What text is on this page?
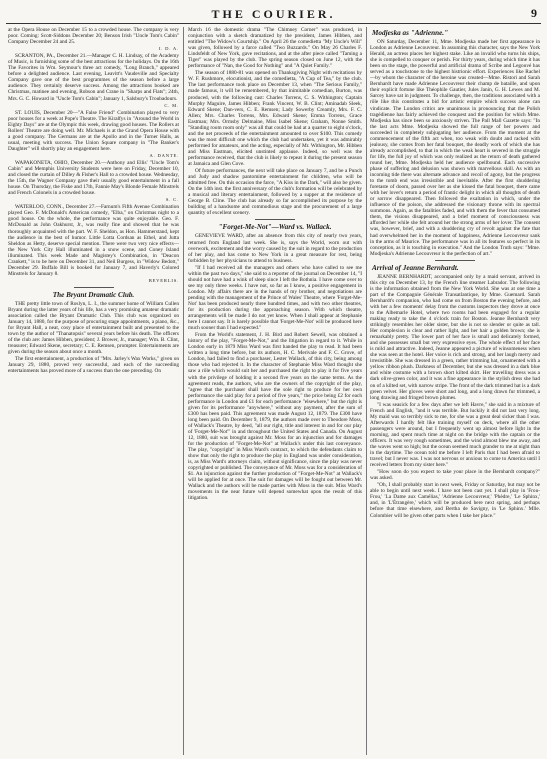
THE COURIER.	9

at the Opera House on December 15 to a crowded house. The company is very poor. Coming: Scott-Siddons December 20; Benson Irish "Uncle Tom's Cabin" Company December 24 and 25.

I. D. A.

SCRANTON, PA., December 21.—Manager C. H. Lindsay, of the Academy of Music, is furnishing some of the best attractions for the holidays. On the 16th The Favorites in Wm. Seymour's three act comedy, "Long Branch," appeared before a delighted audience. Last evening, Leavitt's Vaudeville and Specialty Company gave one of the best programmes of the season before a large audience. They certainly deserve success. Among the attractions booked are Christmas, matinee and evening, Robson and Crane in "Sharps and Flats"; 24th, Mrs. G. C. Howard in "Uncle Tom's Cabin"; January 1, Salsbury's Troubadours.

C. M.

ST. LOUIS, December 20—"A False Friend" Combination played to very poor houses for a week at Pope's Theatre. The Kiralfys in "Around the World in Eighty Days" are at the Olympic this week, drawing good houses. The Rollers at Rollers' Theatre are doing well. Mr. Michaels is at the Grand Opera House with a good company. The Germans are at the Apollo and in the Turner Halls, as usual, meeting with success. The Union Square company in "The Banker's Daughter" will shortly play an engagement here.

A. DANTE.

WAPAKONETA, OHIO, December 20.—Anthony and Ellis' "Uncle Tom's Cabin" and Memphis University Students were here on Friday, December 10, and closed the curtain of Dilley & Fisher's Hall to a crowded house. Wednesday, the 15th, the Wagner Company gave their usually good entertainment in a fall house. On Thursday, the Fiske and 17th, Fannie May's Blonde Female Minstrels and French Colonels in a crowded house.

S. C.

WATERLOO, CONN., December 27.—Farnum's Fifth Avenue Combination played Geo. F. McDonald's American comedy, "Elba," on Christmas night to a good house. On the whole, the performance was quite enjoyable. Geo. F. McDonald as John Oakhurst, Jr., was really fine and showed that he was thoroughly acquainted with the part. W. F. Sheldon, as Hon. Hammerstand, kept the audience in the best of humor. Little Lotta Cordsan as Ethel, and Jutta Sheldon as Hetty, deserve special mention. There were two very nice effects—the New York City Hall illuminated in a snow scene, and Coney Island illuminated. This week Made and Magistey's Combination, in "Deacon Crankett," is to be here on December 31, and Neil Burgess, in "Widow Bedott," December 29. Buffalo Bill is booked for January 7, and Haverly's Colored Minstrels for January 8.

BEVERLIS.

The Bryant Dramatic Club.

THE pretty little town of Roslyn, L. I., the summer home of William Cullen Bryant during the latter years of his life, has a very promising amateur dramatic association called the Bryant Dramatic Club. This club was organized on January 14, 1880, for the purpose of procuring stage appointments, a piano, &c., for Bryant Hall, a neat, cosy place of entertainment built and presented to the town by the author of "Thanatopsis" several years before his death. The officers of the club are: James Hibben, president; J. Brower, Jr., manager; Wm. B. Clint, treasurer; Edward Skene, secretary; C. E. Remsen, prompter. Entertainments are given during the season about once a month.

The first entertainment, a production of "Mrs. Jarley's Wax Works," given on January 29, 1880, proved very successful, and each of the succeeding entertainments has proved more of a success than the one preceding. On

March 16 the domestic drama "The Chimney Corner" was produced, in conjunction with a sketch dramatized by the president, James Hibben, and entitled "The Widow's Courtship." On April 26 the comedietta "My Uncle's Will" was given, followed by a farce called "Two Buzzards." On May 26 Charles F. Lindsfeldt of New York, gave recitations, and at the after piece called "Taming a Tiger" was played by the club. The spring season closed on June 12, with the performance of "Nan, the Good for Nothing" and "A Quiet Family."

The season of 1880-81 was opened on Thanksgiving Night with recitations by W. F. Rushmore, elocutionist, and the comedietta, "A Cup of Tea," by the club. The last performance took place on December 13, when "The Serious Family," made famous, it will be remembered, by that inimitable comedian, Burton, was produced, with the following cast: Charles Torrens, C. S. Withington; Captain Murphy Maguire, James Hibben; Frank Vincent, W. B. Clint; Aminadab Sleek, Edward Skene; Dan-vers, C. E. Remsen; Lady Sowerby Creamly, Mrs. F. C. Allen; Mrs. Charles Torrens, Mrs. Edward Skene; Emma Torrens, Grace Eastman; Mrs. Ormsby Delmaine, Miss Isabel Skene; Graham, Nonne Smith. "Standing room room only" was all that could be had at a quarter to eight o'clock, and the net proceeds of the entertainment amounted to over $100. This comedy was the most difficult one which the club had undertaken, yet it was admirably performed for amateurs, and the acting, especially of Mr. Withington, Mr. Hibben and Miss Eastman, elicited unstinted applause. Indeed, so well was the performance received, that the club is likely to repeat it during the present season at Jamaica and Glen Cove.

Of future performances, the next will take place on January 7, and be a Punch and Judy and shadow pantomime entertainment for children, who will be admitted free. On this occasion the farce, "A Kiss in the Dark," will also be given. On the 14th inst. the first anniversary of the club's formation will be celebrated by a musical and literary entertainment, followed by a supper at the residence of George B. Cline. The club has already so far accomplished its purpose by the building of a handsome and commodious stage and the procurement of a large quantity of excellent scenery.

"Forget-Me-Not"—Ward vs. Wallack.

GENEVIEVE WARD, after an absence from this city of nearly two years, returned from England last week. She is, says the World, worn out with overwork, excitement and the worry caused by the suit in regard to the production of her play, and has come to New York in a great measure for rest, being forbidden by her physicians to attend to business.

"If I had received all the managers and others who have called to see me within the past two days," she said to a reporter of the journal on December 14, "I should not have had a wink of sleep since I left the Bothnia. I have come over to see my only three weeks. I have not, so far as I know, a positive engagement in London. My affairs there are in the hands of my brother, and negotiations are pending with the management of the Prince of Wales' Theatre, where 'Forget-Me-Not' has been produced nearly three hundred times, and with two other theatres, for its production during the approaching season. With which theatre, arrangements will be made I do not yet know. When I shall appear at Stephanie here I cannot say. It is barely possible that 'Forget-Me-Not' will be produced here much sooner than I had expected."

From the World's statement, J. H. Bird and Robert Sewell, was obtained a history of the play, "Forget-Me-Not," and the litigation in regard to it. While in London early in 1879 Miss Ward was first handed the play to read. It had been written a long time before, but its authors, H. C. Merivale and F. C. Grove, of London, had failed to find a purchaser, Lester Wallack, of this city, being among those who had rejected it. In the character of Stephanie Miss Ward thought she saw a rôle which would suit her and purchased the right to play it for five years with the privilege of holding it a second five years on the same terms. As the agreement reads, the authors, who are the owners of the copyright of the play, "agree that the purchaser shall have the sole right to produce for her own performance the said play for a period of five years," the price being £2 for each performance in London and £1 for each performance "elsewhere," but the right is given for its performance "anywhere," without any payment, after the sum of £300 has been paid. This agreement was made August 12, 1879. The £300 have long been paid. On December 9, 1879, the authors made over to Theodore Moss, of Wallack's Theatre, by deed, "all our right, title and interest in and for our play of 'Forget-Me-Not'" in and throughout the United States and Canada. On August 12, 1880, suit was brought against Mr. Moss for an injunction and for damages for the production of "Forget-Me-Not" at Wallack's under this last conveyance. The play, "copyright" in Miss Ward's contract, to which the defendants claim to show that only the right to produce the play in England was under consideration, is, as Miss Ward's attorneys claim, without significance, since the play was never copyrighted or published. The conveyance of Mr. Moss was for a consideration of $1. An injunction against the further production of "Forget-Me-Not" at Wallack's will be applied for at once. The suit for damages will be fought out between Mr. Wallack and the authors will be made parties with Moss in the suit. Miss Ward's movements in the near future will depend somewhat upon the result of this litigation.

Modjeska as "Adrienne."

ON Saturday, December 11, Mme. Modjeska made her first appearance in London as Adrienne Lecouvreur. In assuming this character, says the New York Herald, an actress places her highest stake. Like an invalid who turns his ships, she is compelled to conquer or perish. For thirty years, during which time it has been on the stage, the powerful and artificial drama of Scribe and Legouvé has served as a touchstone to the highest histrionic effort. Experiences like Rachel—by whom the character of the heroine was created—Mme. Ristori and Sarah Bernhardt have made Adrienne Lecouvreur their champ de bataille, and upon their explicit fortune like Théophile Gautier, Jules Janin, G. H. Lewes and M. Sarcey have sat in judgment. To challenge, then, the traditions associated with a rôle like this constitutes a bid for artistic empire which success alone can vindicate. The London critics are unanimous in pronouncing that the Polish tragédienne has fairly achieved the conquest and the position for which Mme. Modjeska has since been so anxiously striven. The Pall Mall Gazette says: "In the last acts Mme. Modjeska showed the full range of her powers and succeeded in completely subjugating her audience. From the moment at the commencement of the fifth act when, too weak with doubt and racked with jealousy, she comes from her fatal bouquet, the deadly work of which she has already accomplished, to that in which the weak heart is severed in the struggle for life, the full joy of which was only realized as the return of death gathered round her, Mme. Modjeska held her audience spellbound. Each successive phase of suffering and delusion was shown with marvellous skill. As with an incoming tide there was alternate advance and recoil of agony, but the progress to the tomb end was irresistible and inevitable. After the first shuddering foretaste of doom, passed over her as she kissed the fatal bouquet, there came with her lover's return a period of frantic delight in which all thoughts of death or sorrow disappeared. Then followed the exaltation in which, under the influence of the poison, she addressed the visionary throne with its spectral summons. Again, as the fatalities faded, and with them the fever that consumed them, the visions disappeared, and a brief moment of consciousness was afforded her while she felt around her the strong arms of her lover. The consent was, however, brief, and with a shuddering cry of revolt against the fate that had overwhelmed her in the moment of happiness, Adrienne Lecouvreur sank in the arms of Maurice. The performance was in all its features so perfect in its conception, as it is touching in execution." And the London Truth says: "Mme. Modjeska's Adrienne Lecouvreur is the perfection of art."

Arrival of Jeanne Bernhardt.

JEANNE BERNHARDT, accompanied only by a maid servant, arrived in this city on December 13, by the French line steamer Labrador. The following is the information obtained from the New York World. She was at one time a part of the Compagnie Générale Transatlantique, by Mme. Guemard. Sarah Bernhardt's companion, who had come on from Boston the evening before, and with her a few moments' delay from the customs inspectors they drove at once to the Albemarle Hotel, where two rooms had been engaged for a regular making ready to take the 4 o'clock train for Boston. Jeanne Bernhardt very strikingly resembles her older sister, but she is not so slender or quite as tall. Her complexion is clear and rather light, and her hair a golden brown; she is remarkably pretty. The lower part of her face is small and delicately formed, and she possesses small but very expressive eyes. The whole effect of her face is mild and attractive. Indeed, Jeanne appeared a picture of winsomeness when she was seen at the hotel. Her voice is rich and strong, and her laugh merry and irresistible. She was dressed in a green, rather trimming hat, ornamented with a yellow ribbon plush. Darkness of December, but she was dressed in a dark blue and white costume with a brown short kilted skirt. Her travelling dress was a dark olive-green color, and it was a fine appearance in the stylish dress she had on of a kilted set, with narrow stripe. The front of the dark trimmed hat is a dark green velvet. Her gloves were short and long, and a long drawn fur trimmed, a long drawing and fringed brown plumes.

"I was seasick for a few days after we left Havre," she said in a mixture of French and English, "and it was terrible. But luckily it did not last very long. My maid was so terribly sick to me, for she was a great deal sicker than I was. Afterwards I hardly felt like training myself on deck, where all the other passengers were around, but I frequently went up almost before light in the morning, and spent much time at night on the bridge with the captain or the officers. It was very rough sometimes, and the wind almost blew me away, and the waves went so high; but the ocean seemed much grander to me at night than in the daytime. The ocean told me before I left Paris that I had been afraid to travel; but I never was. I was not nervous or anxious to come to America until I received letters from my sister here."

"How soon do you expect to take your place in the Bernhardt company?" was asked.

"Oh, I shall probably start in next week, Friday or Saturday, but may not be able to begin until next week. I have not been cast yet. I shall play in 'Frou-Frou,' 'La Dame aux Camélias,' 'Adrienne Lecouvreur,' 'Phèdre,' 'Le Sphinx,' and, in 'L'Étrangère,' which will be produced here next spring, and perhaps before that time elsewhere, and Bertha de Savigny, in 'Le Sphinx.' Mlle. Colombier will be given other parts when I take her place."
